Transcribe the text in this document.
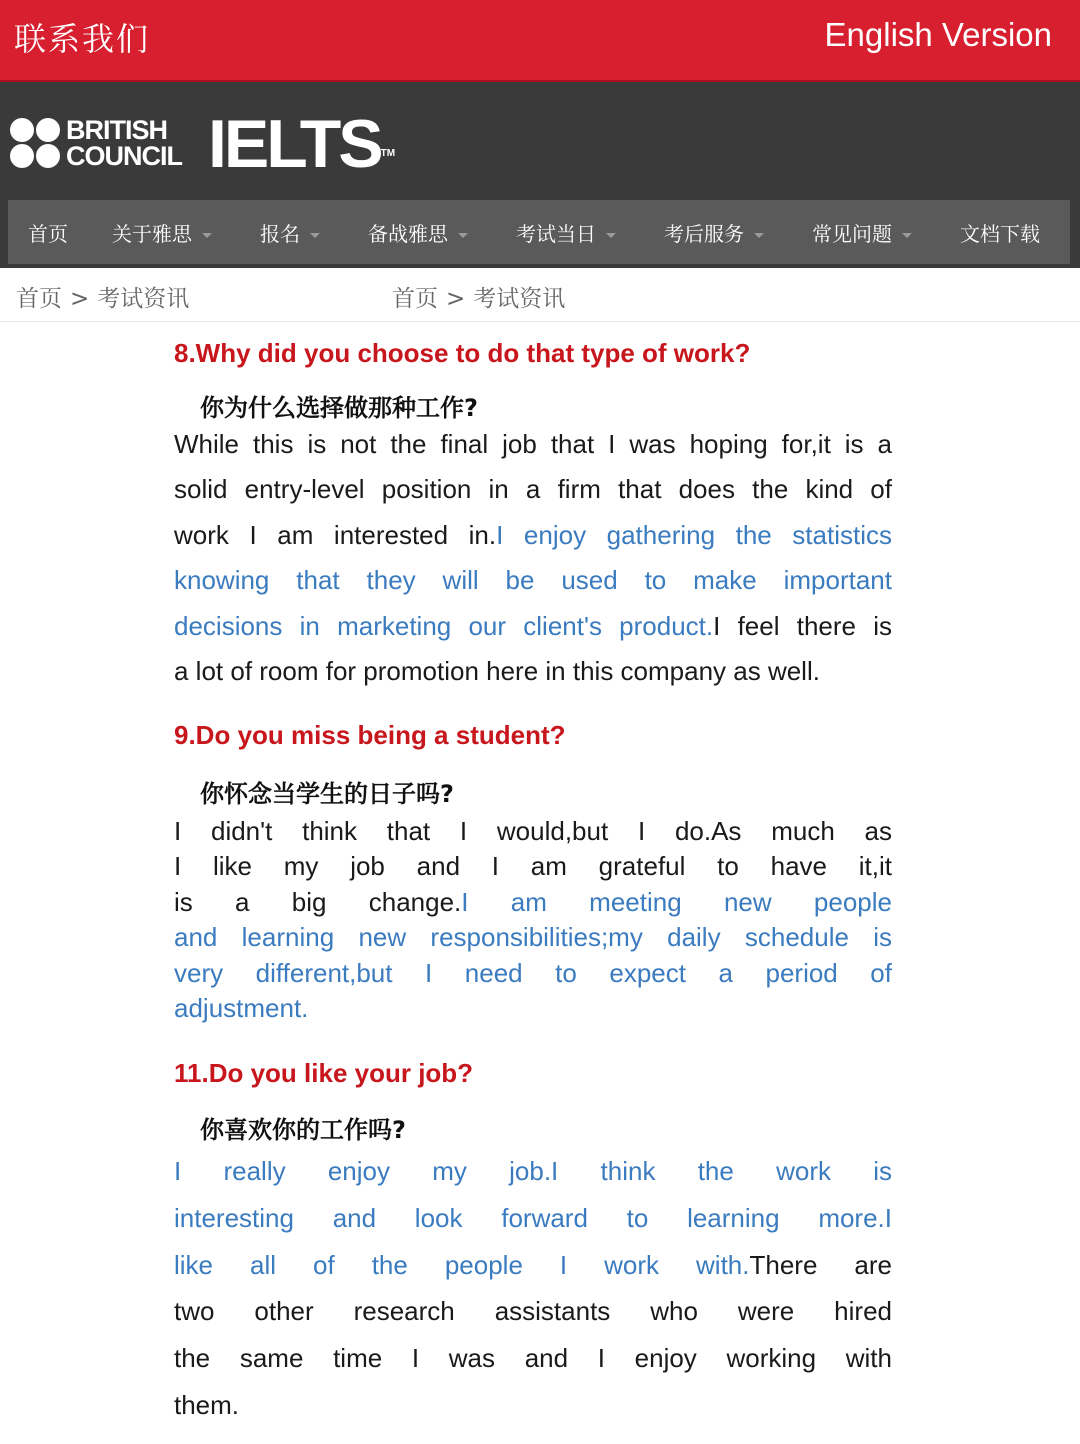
联系我们	English Version
BRITISH
COUNCIL IELTS™
首页 关于雅思	报名	备战雅思	考试当日	考后服务	常见问题	文档下载
首页 > 考试资讯	首页 > 考试资讯
8.Why did you choose to do that type of work?
你为什么选择做那种工作?
While this is not the final job that I was hoping for,it is a
solid entry-level position in a firm that does the kind of
work I am interested in.I enjoy gathering the statistics
knowing that they will be used to make important
decisions in marketing our client's product.I feel there is
a lot of room for promotion here in this company as well.
9.Do you miss being a student?
你怀念当学生的日子吗?
I didn't think that I would,but I do.As much as
I like my job and I am grateful to have it,it
is a big change.I am meeting new people
and learning new responsibilities;my daily schedule is
very different,but I need to expect a period of
adjustment.
11.Do you like your job?
你喜欢你的工作吗?
I really enjoy my job.I think the work is
interesting and look forward to learning more.I
like all of the people I work with.There are
two other research assistants who were hired
the same time I was and I enjoy working with
them.
